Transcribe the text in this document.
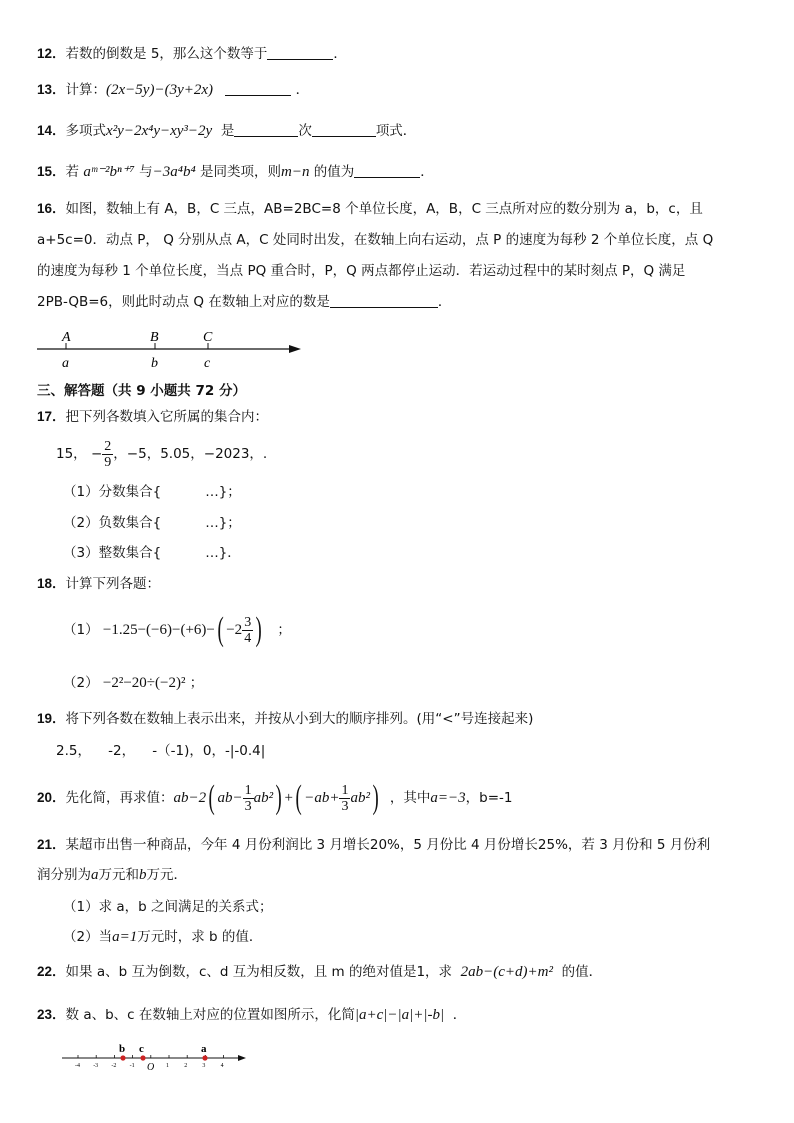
12．若数的倒数是 5，那么这个数等于	．
13．计算：(2x−5y)−(3y+2x)	．
14．多项式x²y−2x⁴y−xy³−2y 是	次	项式．
15．若 aᵐ⁻²bⁿ⁺⁷ 与−3a⁴b⁴ 是同类项，则m−n 的值为	．
16．如图，数轴上有 A，B，C 三点，AB=2BC=8 个单位长度，A，B，C 三点所对应的数分别为 a，b，c，且
a+5c=0．动点 P， Q 分别从点 A，C 处同时出发，在数轴上向右运动，点 P 的速度为每秒 2 个单位长度，点 Q
的速度为每秒 1 个单位长度，当点 PQ 重合时，P，Q 两点都停止运动．若运动过程中的某时刻点 P，Q 满足
2PB-QB=6，则此时动点 Q 在数轴上对应的数是	．
A	B	C
a	b	c
三、解答题（共 9 小题共 72 分）
17．把下列各数填入它所属的集合内：
15， − $\frac{2}{9}$ ，−5，5.05，−2023，.
（1）分数集合{	…}；
（2）负数集合{	…}；
（3）整数集合{	…}．
18．计算下列各题：
$(1) -1.25-(-6)-(+6)-( -2 \frac{3}{4}$ ) ；
（2） −2²−20÷(−2)² ；
19．将下列各数在数轴上表示出来，并按从小到大的顺序排列。(用“<”号连接起来)
2.5，    -2，    -（-1)，0，-|-0.4|
20．先化简，再求值：ab−2( $ab- \frac{1}{3} ab^2$) +( $-ab+ \frac{1}{3} ab^2$) ，其中a=−3，b=-1
21．某超市出售一种商品，今年 4 月份利润比 3 月增长20%，5 月份比 4 月份增长25%，若 3 月份和 5 月份利
润分别为a万元和b万元．
（1）求 a，b 之间满足的关系式；
（2）当a=1万元时，求 b 的值．
22．如果 a、b 互为倒数，c、d 互为相反数，且 m 的绝对值是1，求 2ab−(c+d)+m² 的值．
23．数 a、b、c 在数轴上对应的位置如图所示，化简|a+c|−|a|+|-b| ．
-4 -3 -2 -1	1	2	3	4
b c	a
O
